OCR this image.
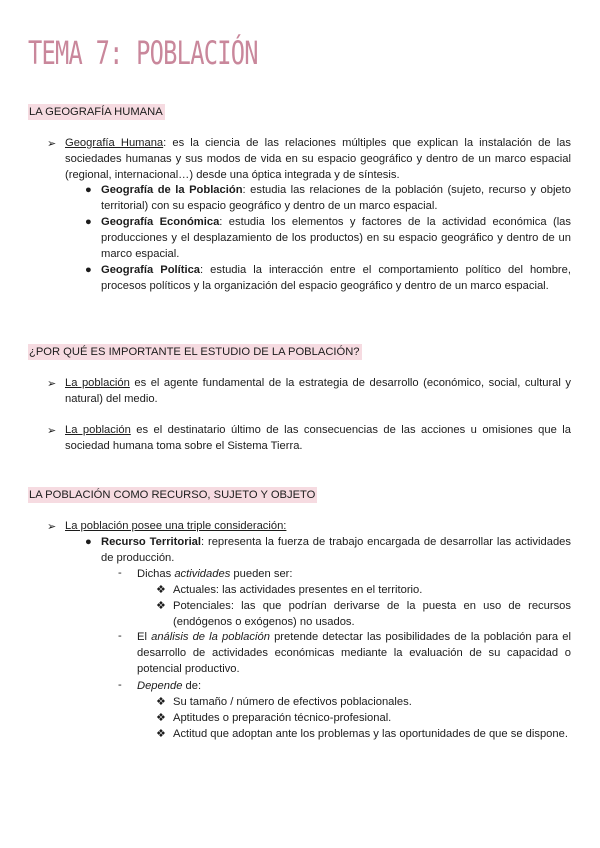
TEMA 7: POBLACIÓN
LA GEOGRAFÍA HUMANA
➢ Geografía Humana: es la ciencia de las relaciones múltiples que explican la instalación de las sociedades humanas y sus modos de vida en su espacio geográfico y dentro de un marco espacial (regional, internacional…) desde una óptica integrada y de síntesis.
● Geografía de la Población: estudia las relaciones de la población (sujeto, recurso y objeto territorial) con su espacio geográfico y dentro de un marco espacial.
● Geografía Económica: estudia los elementos y factores de la actividad económica (las producciones y el desplazamiento de los productos) en su espacio geográfico y dentro de un marco espacial.
● Geografía Política: estudia la interacción entre el comportamiento político del hombre, procesos políticos y la organización del espacio geográfico y dentro de un marco espacial.
¿POR QUÉ ES IMPORTANTE EL ESTUDIO DE LA POBLACIÓN?
➢ La población es el agente fundamental de la estrategia de desarrollo (económico, social, cultural y natural) del medio.
➢ La población es el destinatario último de las consecuencias de las acciones u omisiones que la sociedad humana toma sobre el Sistema Tierra.
LA POBLACIÓN COMO RECURSO, SUJETO Y OBJETO
➢ La población posee una triple consideración:
● Recurso Territorial: representa la fuerza de trabajo encargada de desarrollar las actividades de producción.
- Dichas actividades pueden ser:
❖ Actuales: las actividades presentes en el territorio.
❖ Potenciales: las que podrían derivarse de la puesta en uso de recursos (endógenos o exógenos) no usados.
- El análisis de la población pretende detectar las posibilidades de la población para el desarrollo de actividades económicas mediante la evaluación de su capacidad o potencial productivo.
- Depende de:
❖ Su tamaño / número de efectivos poblacionales.
❖ Aptitudes o preparación técnico-profesional.
❖ Actitud que adoptan ante los problemas y las oportunidades de que se dispone.
